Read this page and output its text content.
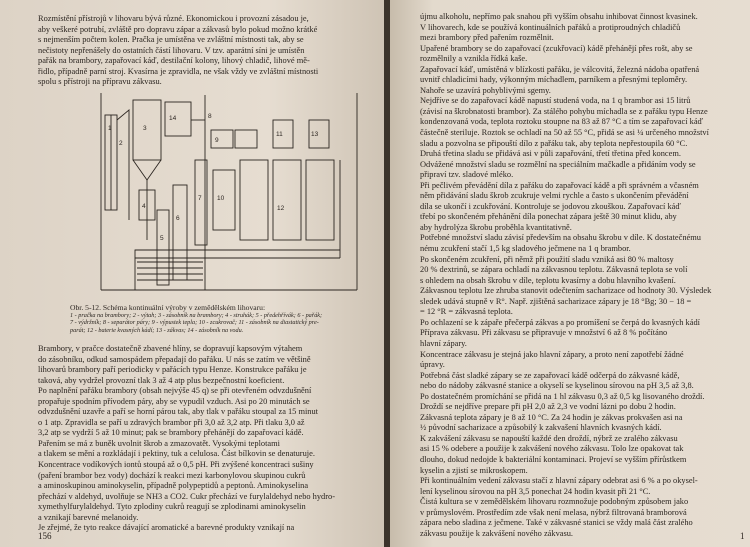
Rozmístění přístrojů v lihovaru bývá různé. Ekonomickou i provozní zásadou je,
aby veškeré potrubí, zvláště pro dopravu zápar a zákvasů bylo pokud možno krátké
s nejmenším počtem kolen. Pračka je umístěna ve zvláštní místnosti tak, aby se
nečistoty nepřenášely do ostatních částí lihovaru. V tzv. aparátní síni je umístěn
pařák na brambory, zapařovací káď, destilační kolony, lihový chladič, lihové mě-
řidlo, případně parní stroj. Kvasírna je zpravidla, ne však vždy ve zvláštní místnosti
spolu s přístroji na přípravu zákvasu.
1
2
3
4
5
6
7
8
9
10
11
12
13
14
Obr. 5-12. Schéma kontinuální výroby v zemědělském lihovaru:
1 - pračka na brambory; 2 - výtah; 3 - zásobník na brambory; 4 - struhák; 5 - předehřívák; 6 - pařák;
7 - výdržník; 8 - separátor páry; 9 - výpustek tepla; 10 - zcukrovač; 11 - zásobník na diastatický pre-
parát; 12 - baterie kvasných kádí; 13 - zákvas; 14 - zásobník na vodu.
Brambory, v pračce dostatečně zbavené hlíny, se dopravují kapsovým výtahem
do zásobníku, odkud samospádem přepadají do pařáku. U nás se zatím ve většině
lihovarů brambory paří periodicky v pařácích typu Henze. Konstrukce pařáku je
taková, aby vydržel provozní tlak 3 až 4 atp plus bezpečnostní koeficient.
Po naplnění pařáku brambory (obsah nejvýše 45 q) se při otevřeném odvzdušnění
propařuje spodním přívodem páry, aby se vypudil vzduch. Asi po 20 minutách se
odvzdušnění uzavře a paří se horní párou tak, aby tlak v pařáku stoupal za 15 minut
o 1 atp. Zpravidla se paří u zdravých brambor při 3,0 až 3,2 atp. Při tlaku 3,0 až
3,2 atp se vydrží 5 až 10 minut; pak se brambory přehánějí do zapařovací kádě.
Pařením se má z buněk uvolnit škrob a zmazovatět. Vysokými teplotami
a tlakem se mění a rozkládají i pektiny, tuk a celulosa. Část bílkovin se denaturuje.
Koncentrace vodíkových iontů stoupá až o 0,5 pH. Při zvýšené koncentraci sušiny
(paření brambor bez vody) dochází k reakci mezi karbonylovou skupinou cukrů
a aminoskupinou aminokyselin, případně polypeptidů a peptonů. Aminokyselina
přechází v aldehyd, uvolňuje se NH3 a CO2. Cukr přechází ve furylaldehyd nebo hydro-
xymethylfurylaldehyd. Tyto zplodiny cukrů reagují se zplodinami aminokyselin
a vznikají barevné melanoidy.
Je zřejmé, že tyto reakce dávající aromatické a barevné produkty vznikají na
156
újmu alkoholu, nepřímo pak snahou při vyšším obsahu inhibovat činnost kvasinek.
V lihovarech, kde se používá kontinuálních pařáků a protiproudných chladičů
mezi brambory před pařením rozmělnit.
Upařené brambory se do zapařovací (zcukřovací) kádě přehánějí přes rošt, aby se
rozmělnily a vznikla řídká kaše.
Zapařovací káď, umístěná v blízkosti pařáku, je válcovitá, železná nádoba opatřená
uvnitř chladicími hady, výkonným míchadlem, parníkem a přesnými teploměry.
Nahoře se uzavírá pohyblivými sgemy.
Nejdříve se do zapařovací kádě napustí studená voda, na 1 q brambor asi 15 litrů
(závisí na škrobnatosti brambor). Za stálého pohybu míchadla se z pařáku typu Henze
kondenzovaná voda, teplota roztoku stoupne na 83 až 87 °C a tím se zapařovací káď
částečně steriluje. Roztok se ochladí na 50 až 55 °C, přidá se asi ¼ určeného množství
sladu a pozvolna se připouští dílo z pařáku tak, aby teplota nepřestoupila 60 °C.
Druhá třetina sladu se přidává asi v půli zapařování, třetí třetina před koncem.
Odvážené množství sladu se rozmělní na speciálním mačkadle a přidáním vody se
připraví tzv. sladové mléko.
Při pečlivém převádění díla z pařáku do zapařovací kádě a při správném a včasném
něm přidávání sladu škrob zcukruje velmi rychle a často s ukončením převádění
díla se ukončí i zcukřování. Kontroluje se jodovou zkouškou. Zapařovací káď
třebí po skončeném přehánění díla ponechat zápara ještě 30 minut klidu, aby
aby hydrolýza škrobu proběhla kvantitativně.
Potřebné množství sladu závisí především na obsahu škrobu v díle. K dostatečnému
nému zcukření stačí 1,5 kg sladového ječmene na 1 q brambor.
Po skončeném zcukření, při němž při použití sladu vzniká asi 80 % maltosy
20 % dextrinů, se zápara ochladí na zákvasnou teplotu. Zákvasná teplota se volí
s ohledem na obsah škrobu v díle, teplotu kvasírny a dobu hlavního kvašení.
Zákvasnou teplotu lze zhruba stanovit odečtením sacharizace od hodnoty 30. Výsledek
sledek udává stupně v R°. Např. zjištěná sacharizace zápary je 18 °Bg; 30 − 18 =
= 12 °R = zákvasná teplota.
Po ochlazení se k zápaře přečerpá zákvas a po promíšení se čerpá do kvasných kádí
Příprava zákvasu. Při zákvasu se připravuje v množství 6 až 8 % počítáno
hlavní zápary.
Koncentrace zákvasu je stejná jako hlavní zápary, a proto není zapotřebí žádné
úpravy.
Potřebná část sladké zápary se ze zapařovací kádě odčerpá do zákvasné kádě,
nebo do nádoby zákvasné stanice a okyselí se kyselinou sírovou na pH 3,5 až 3,8.
Po dostatečném promíchání se přidá na 1 hl zákvasu 0,3 až 0,5 kg lisovaného droždí.
Droždí se nejdříve prepare při pH 2,0 až 2,3 ve vodní lázni po dobu 2 hodin.
Zákvasná teplota zápary je 8 až 10 °C. Za 24 hodin je zákvas prokvašen asi na
½ původní sacharizace a způsobilý k zakvašení hlavních kvasných kádí.
K zakvášení zákvasu se napouští každé den droždí, nýbrž ze zralého zákvasu
asi 15 % odebere a použije k zakvášení nového zákvasu. Tolo lze opakovat tak
dlouho, dokud nedojde k bakteriální kontaminaci. Projeví se vyšším přírůstkem
kyselin a zjistí se mikroskopem.
Při kontinuálním vedení zákvasu stačí z hlavní zápary odebrat asi 6 % a po okysel-
lení kyselinou sírovou na pH 3,5 ponechat 24 hodin kvasit při 21 °C.
Čistá kultura se v zemědělském lihovaru rozmnožuje podobným způsobem jako
v průmyslovém. Prostředím zde však není melasa, nýbrž filtrovaná bramborová
zápara nebo sladina z ječmene. Také v zákvasné stanici se vždy malá část zralého
zákvasu použije k zakvášení nového zákvasu.	1
